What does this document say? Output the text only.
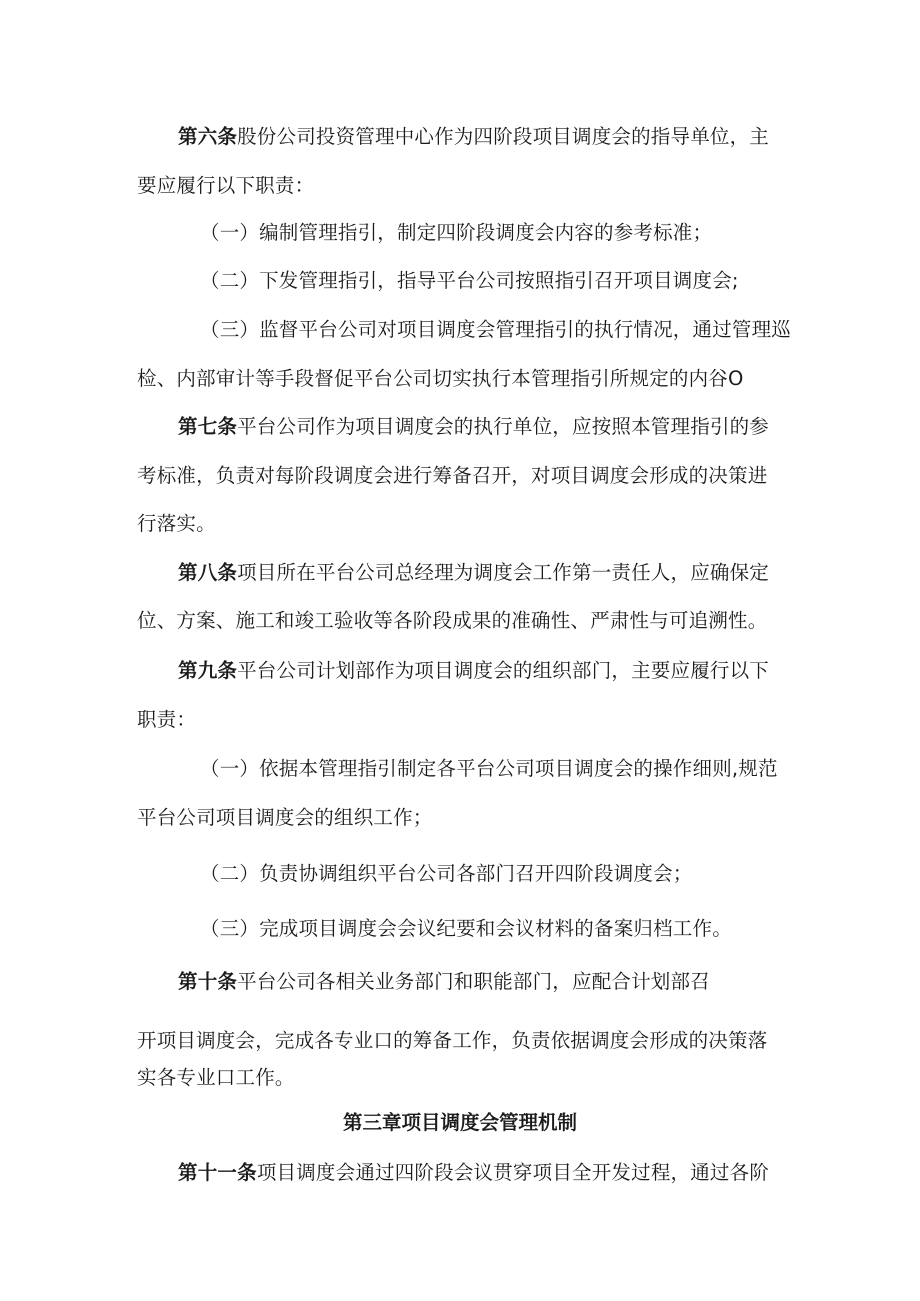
第六条股份公司投资管理中心作为四阶段项目调度会的指导单位，主
要应履行以下职责：
（一）编制管理指引，制定四阶段调度会内容的参考标准；
（二）下发管理指引，指导平台公司按照指引召开项目调度会;
（三）监督平台公司对项目调度会管理指引的执行情况，通过管理巡
检、内部审计等手段督促平台公司切实执行本管理指引所规定的内谷O
第七条平台公司作为项目调度会的执行单位，应按照本管理指引的参
考标准，负责对每阶段调度会进行筹备召开，对项目调度会形成的决策进
行落实。
第八条项目所在平台公司总经理为调度会工作第一责任人，应确保定
位、方案、施工和竣工验收等各阶段成果的准确性、严肃性与可追溯性。
第九条平台公司计划部作为项目调度会的组织部门，主要应履行以下
职责：
（一）依据本管理指引制定各平台公司项目调度会的操作细则,规范
平台公司项目调度会的组织工作；
（二）负责协调组织平台公司各部门召开四阶段调度会；
（三）完成项目调度会会议纪要和会议材料的备案归档工作。
第十条平台公司各相关业务部门和职能部门，应配合计划部召
开项目调度会，完成各专业口的筹备工作，负责依据调度会形成的决策落
实各专业口工作。
第三章项目调度会管理机制
第十一条项目调度会通过四阶段会议贯穿项目全开发过程，通过各阶
